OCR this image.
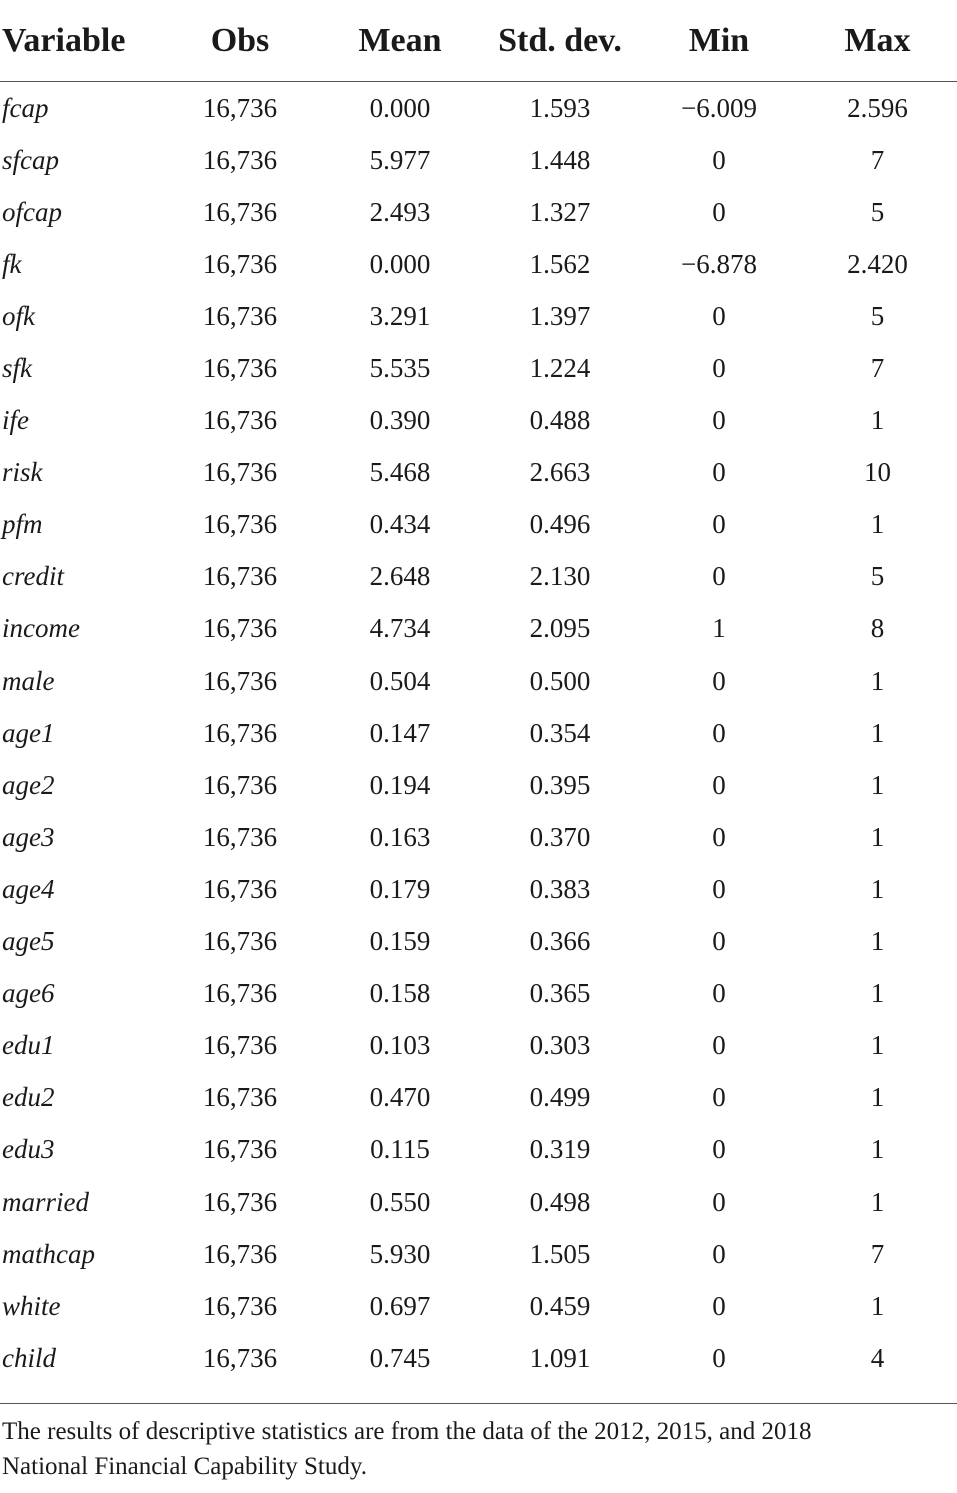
Variable	Obs	Mean	Std. dev.	Min	Max
fcap	16,736	0.000	1.593	−6.009	2.596
sfcap	16,736	5.977	1.448	0	7
ofcap	16,736	2.493	1.327	0	5
fk	16,736	0.000	1.562	−6.878	2.420
ofk	16,736	3.291	1.397	0	5
sfk	16,736	5.535	1.224	0	7
ife	16,736	0.390	0.488	0	1
risk	16,736	5.468	2.663	0	10
pfm	16,736	0.434	0.496	0	1
credit	16,736	2.648	2.130	0	5
income	16,736	4.734	2.095	1	8
male	16,736	0.504	0.500	0	1
age1	16,736	0.147	0.354	0	1
age2	16,736	0.194	0.395	0	1
age3	16,736	0.163	0.370	0	1
age4	16,736	0.179	0.383	0	1
age5	16,736	0.159	0.366	0	1
age6	16,736	0.158	0.365	0	1
edu1	16,736	0.103	0.303	0	1
edu2	16,736	0.470	0.499	0	1
edu3	16,736	0.115	0.319	0	1
married	16,736	0.550	0.498	0	1
mathcap	16,736	5.930	1.505	0	7
white	16,736	0.697	0.459	0	1
child	16,736	0.745	1.091	0	4
The results of descriptive statistics are from the data of the 2012, 2015, and 2018 National Financial Capability Study.
